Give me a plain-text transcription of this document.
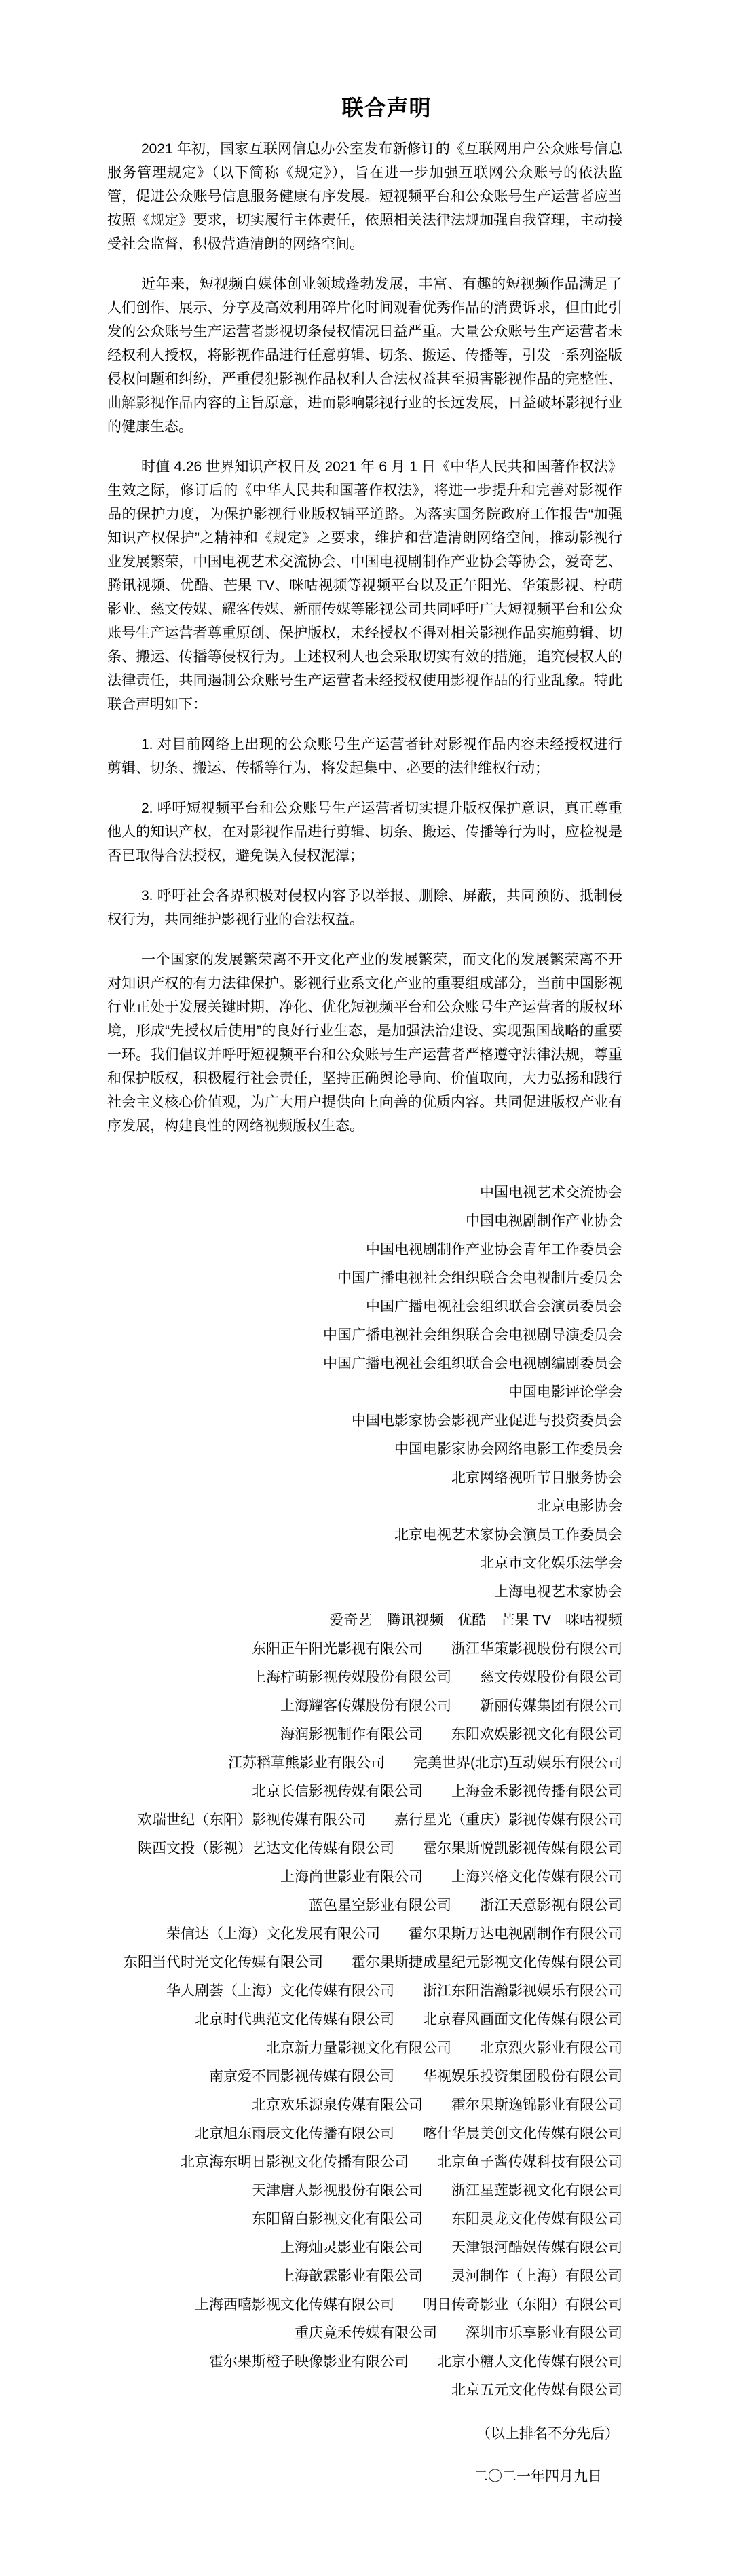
联合声明

2021 年初，国家互联网信息办公室发布新修订的《互联网用户公众账号信息服务管理规定》（以下简称《规定》），旨在进一步加强互联网公众账号的依法监管，促进公众账号信息服务健康有序发展。短视频平台和公众账号生产运营者应当按照《规定》要求，切实履行主体责任，依照相关法律法规加强自我管理，主动接受社会监督，积极营造清朗的网络空间。

近年来，短视频自媒体创业领域蓬勃发展，丰富、有趣的短视频作品满足了人们创作、展示、分享及高效利用碎片化时间观看优秀作品的消费诉求，但由此引发的公众账号生产运营者影视切条侵权情况日益严重。大量公众账号生产运营者未经权利人授权，将影视作品进行任意剪辑、切条、搬运、传播等，引发一系列盗版侵权问题和纠纷，严重侵犯影视作品权利人合法权益甚至损害影视作品的完整性、曲解影视作品内容的主旨原意，进而影响影视行业的长远发展，日益破坏影视行业的健康生态。

时值 4.26 世界知识产权日及 2021 年 6 月 1 日《中华人民共和国著作权法》生效之际，修订后的《中华人民共和国著作权法》，将进一步提升和完善对影视作品的保护力度，为保护影视行业版权铺平道路。为落实国务院政府工作报告“加强知识产权保护”之精神和《规定》之要求，维护和营造清朗网络空间，推动影视行业发展繁荣，中国电视艺术交流协会、中国电视剧制作产业协会等协会，爱奇艺、腾讯视频、优酷、芒果 TV、咪咕视频等视频平台以及正午阳光、华策影视、柠萌影业、慈文传媒、耀客传媒、新丽传媒等影视公司共同呼吁广大短视频平台和公众账号生产运营者尊重原创、保护版权，未经授权不得对相关影视作品实施剪辑、切条、搬运、传播等侵权行为。上述权利人也会采取切实有效的措施，追究侵权人的法律责任，共同遏制公众账号生产运营者未经授权使用影视作品的行业乱象。特此联合声明如下：

1. 对目前网络上出现的公众账号生产运营者针对影视作品内容未经授权进行剪辑、切条、搬运、传播等行为，将发起集中、必要的法律维权行动；

2. 呼吁短视频平台和公众账号生产运营者切实提升版权保护意识，真正尊重他人的知识产权，在对影视作品进行剪辑、切条、搬运、传播等行为时，应检视是否已取得合法授权，避免误入侵权泥潭；

3. 呼吁社会各界积极对侵权内容予以举报、删除、屏蔽，共同预防、抵制侵权行为，共同维护影视行业的合法权益。

一个国家的发展繁荣离不开文化产业的发展繁荣，而文化的发展繁荣离不开对知识产权的有力法律保护。影视行业系文化产业的重要组成部分，当前中国影视行业正处于发展关键时期，净化、优化短视频平台和公众账号生产运营者的版权环境，形成“先授权后使用”的良好行业生态，是加强法治建设、实现强国战略的重要一环。我们倡议并呼吁短视频平台和公众账号生产运营者严格遵守法律法规，尊重和保护版权，积极履行社会责任，坚持正确舆论导向、价值取向，大力弘扬和践行社会主义核心价值观，为广大用户提供向上向善的优质内容。共同促进版权产业有序发展，构建良性的网络视频版权生态。

中国电视艺术交流协会
中国电视剧制作产业协会
中国电视剧制作产业协会青年工作委员会
中国广播电视社会组织联合会电视制片委员会
中国广播电视社会组织联合会演员委员会
中国广播电视社会组织联合会电视剧导演委员会
中国广播电视社会组织联合会电视剧编剧委员会
中国电影评论学会
中国电影家协会影视产业促进与投资委员会
中国电影家协会网络电影工作委员会
北京网络视听节目服务协会
北京电影协会
北京电视艺术家协会演员工作委员会
北京市文化娱乐法学会
上海电视艺术家协会
爱奇艺　腾讯视频　优酷　芒果 TV　咪咕视频
东阳正午阳光影视有限公司　　浙江华策影视股份有限公司
上海柠萌影视传媒股份有限公司　　慈文传媒股份有限公司
上海耀客传媒股份有限公司　　新丽传媒集团有限公司
海润影视制作有限公司　　东阳欢娱影视文化有限公司
江苏稻草熊影业有限公司　　完美世界(北京)互动娱乐有限公司
北京长信影视传媒有限公司　　上海金禾影视传播有限公司
欢瑞世纪（东阳）影视传媒有限公司　　嘉行星光（重庆）影视传媒有限公司
陕西文投（影视）艺达文化传媒有限公司　　霍尔果斯悦凯影视传媒有限公司
上海尚世影业有限公司　　上海兴格文化传媒有限公司
蓝色星空影业有限公司　　浙江天意影视有限公司
荣信达（上海）文化发展有限公司　　霍尔果斯万达电视剧制作有限公司
东阳当代时光文化传媒有限公司　　霍尔果斯捷成星纪元影视文化传媒有限公司
华人剧荟（上海）文化传媒有限公司　　浙江东阳浩瀚影视娱乐有限公司
北京时代典范文化传媒有限公司　　北京春风画面文化传媒有限公司
北京新力量影视文化有限公司　　北京烈火影业有限公司
南京爱不同影视传媒有限公司　　华视娱乐投资集团股份有限公司
北京欢乐源泉传媒有限公司　　霍尔果斯逸锦影业有限公司
北京旭东雨辰文化传播有限公司　　喀什华晨美创文化传媒有限公司
北京海东明日影视文化传播有限公司　　北京鱼子酱传媒科技有限公司
天津唐人影视股份有限公司　　浙江星莲影视文化有限公司
东阳留白影视文化有限公司　　东阳灵龙文化传媒有限公司
上海灿灵影业有限公司　　天津银河酷娱传媒有限公司
上海歆霖影业有限公司　　灵河制作（上海）有限公司
上海西嘻影视文化传媒有限公司　　明日传奇影业（东阳）有限公司
重庆竟禾传媒有限公司　　深圳市乐享影业有限公司
霍尔果斯橙子映像影业有限公司　　北京小糖人文化传媒有限公司
北京五元文化传媒有限公司
（以上排名不分先后）
二〇二一年四月九日
